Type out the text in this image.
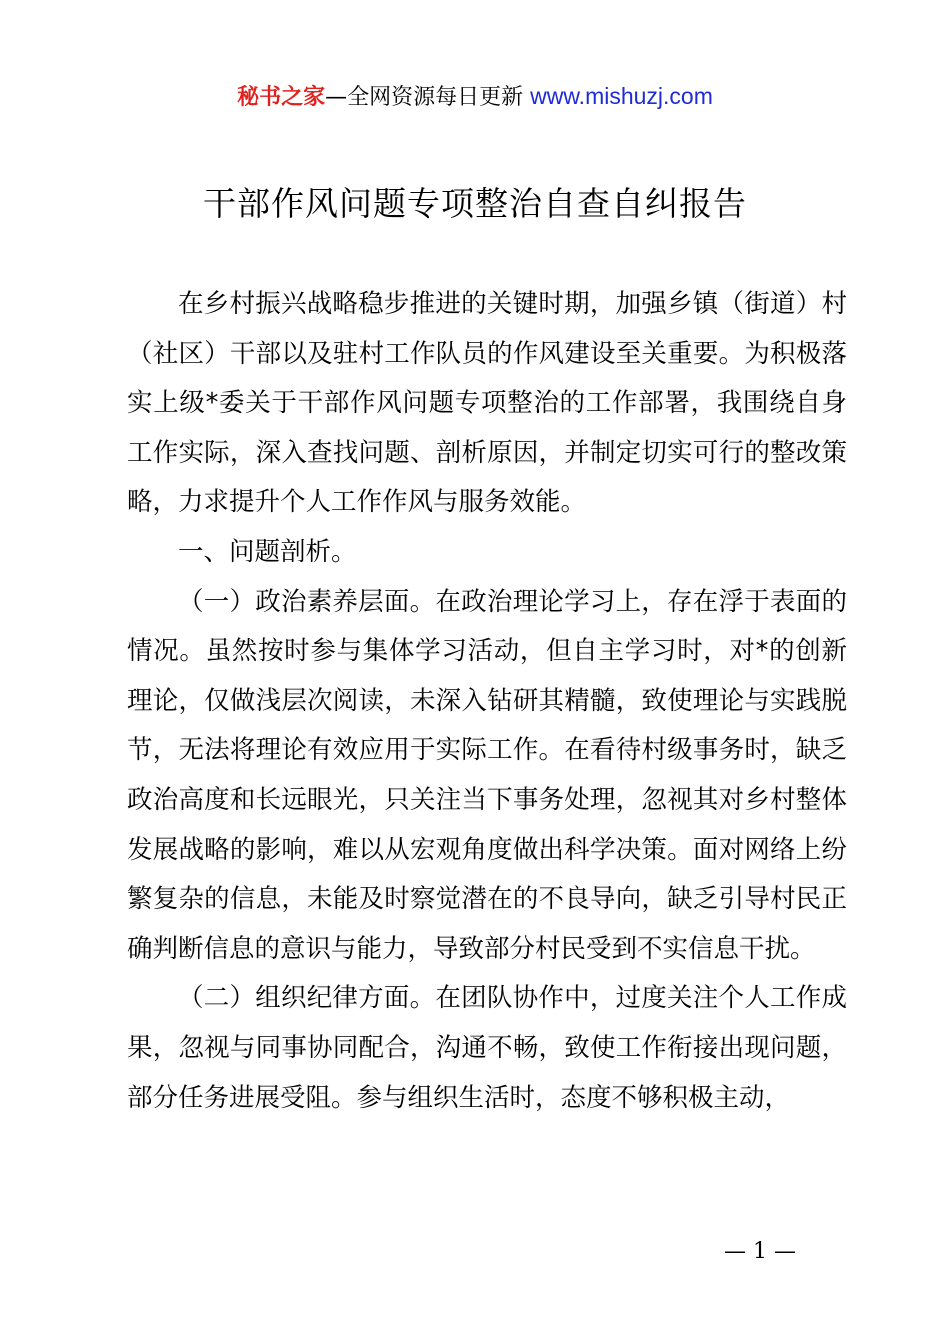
秘书之家—全网资源每日更新 www.mishuzj.com
干部作风问题专项整治自查自纠报告

在乡村振兴战略稳步推进的关键时期，加强乡镇（街道）村（社区）干部以及驻村工作队员的作风建设至关重要。为积极落实上级*委关于干部作风问题专项整治的工作部署，我围绕自身工作实际，深入查找问题、剖析原因，并制定切实可行的整改策略，力求提升个人工作作风与服务效能。

一、问题剖析。

（一）政治素养层面。在政治理论学习上，存在浮于表面的情况。虽然按时参与集体学习活动，但自主学习时，对*的创新理论，仅做浅层次阅读，未深入钻研其精髓，致使理论与实践脱节，无法将理论有效应用于实际工作。在看待村级事务时，缺乏政治高度和长远眼光，只关注当下事务处理，忽视其对乡村整体发展战略的影响，难以从宏观角度做出科学决策。面对网络上纷繁复杂的信息，未能及时察觉潜在的不良导向，缺乏引导村民正确判断信息的意识与能力，导致部分村民受到不实信息干扰。

（二）组织纪律方面。在团队协作中，过度关注个人工作成果，忽视与同事协同配合，沟通不畅，致使工作衔接出现问题，部分任务进展受阻。参与组织生活时，态度不够积极主动，

— 1 —
